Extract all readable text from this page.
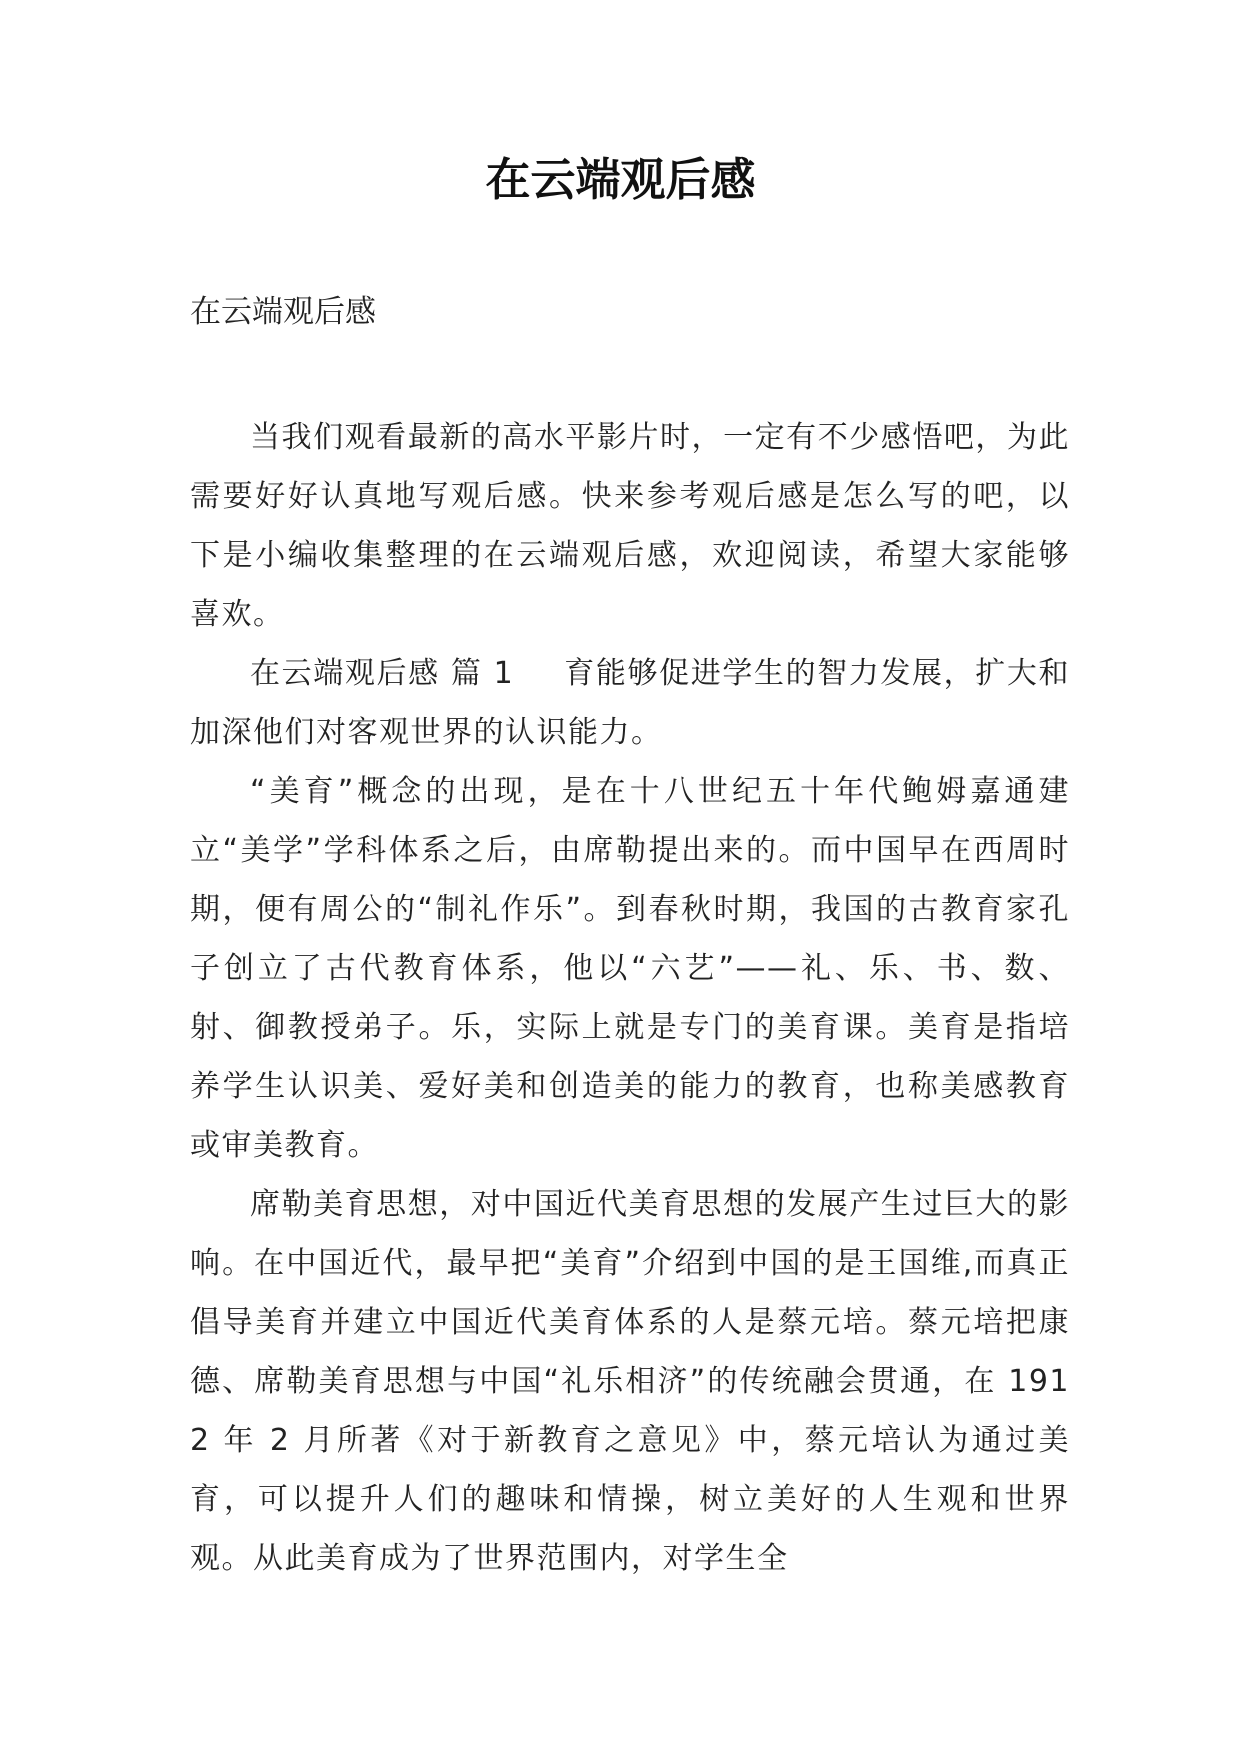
在云端观后感

在云端观后感

当我们观看最新的高水平影片时，一定有不少感悟吧，为此需要好好认真地写观后感。快来参考观后感是怎么写的吧，以下是小编收集整理的在云端观后感，欢迎阅读，希望大家能够喜欢。

在云端观后感 篇 1 育能够促进学生的智力发展，扩大和加深他们对客观世界的认识能力。

“美育”概念的出现，是在十八世纪五十年代鲍姆嘉通建立“美学”学科体系之后，由席勒提出来的。而中国早在西周时期，便有周公的“制礼作乐”。到春秋时期，我国的古教育家孔子创立了古代教育体系，他以“六艺”——礼、乐、书、数、射、御教授弟子。乐，实际上就是专门的美育课。美育是指培养学生认识美、爱好美和创造美的能力的教育，也称美感教育或审美教育。

席勒美育思想，对中国近代美育思想的发展产生过巨大的影响。在中国近代，最早把“美育”介绍到中国的是王国维,而真正倡导美育并建立中国近代美育体系的人是蔡元培。蔡元培把康德、席勒美育思想与中国“礼乐相济”的传统融会贯通，在 1912 年 2 月所著《对于新教育之意见》中，蔡元培认为通过美育，可以提升人们的趣味和情操，树立美好的人生观和世界观。从此美育成为了世界范围内，对学生全
